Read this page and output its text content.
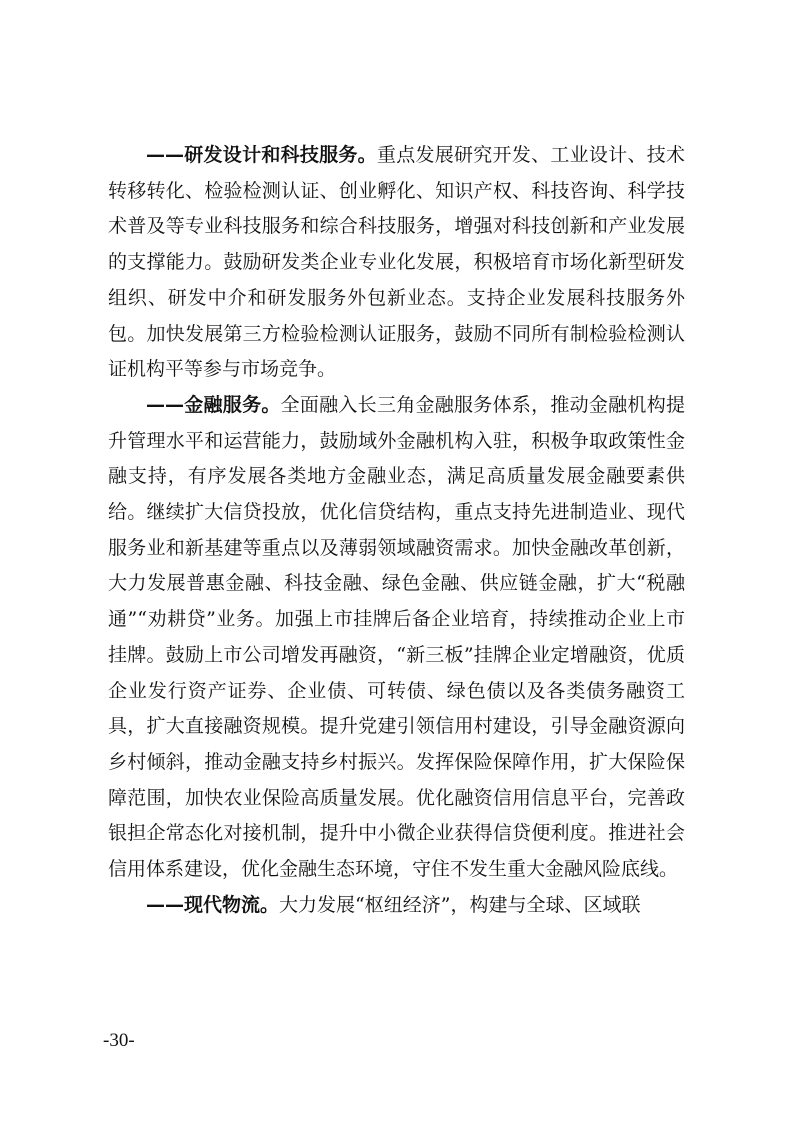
——研发设计和科技服务。重点发展研究开发、工业设计、技术转移转化、检验检测认证、创业孵化、知识产权、科技咨询、科学技术普及等专业科技服务和综合科技服务，增强对科技创新和产业发展的支撑能力。鼓励研发类企业专业化发展，积极培育市场化新型研发组织、研发中介和研发服务外包新业态。支持企业发展科技服务外包。加快发展第三方检验检测认证服务，鼓励不同所有制检验检测认证机构平等参与市场竞争。

——金融服务。全面融入长三角金融服务体系，推动金融机构提升管理水平和运营能力，鼓励域外金融机构入驻，积极争取政策性金融支持，有序发展各类地方金融业态，满足高质量发展金融要素供给。继续扩大信贷投放，优化信贷结构，重点支持先进制造业、现代服务业和新基建等重点以及薄弱领域融资需求。加快金融改革创新，大力发展普惠金融、科技金融、绿色金融、供应链金融，扩大“税融通”“劝耕贷”业务。加强上市挂牌后备企业培育，持续推动企业上市挂牌。鼓励上市公司增发再融资，“新三板”挂牌企业定增融资，优质企业发行资产证券、企业债、可转债、绿色债以及各类债务融资工具，扩大直接融资规模。提升党建引领信用村建设，引导金融资源向乡村倾斜，推动金融支持乡村振兴。发挥保险保障作用，扩大保险保障范围，加快农业保险高质量发展。优化融资信用信息平台，完善政银担企常态化对接机制，提升中小微企业获得信贷便利度。推进社会信用体系建设，优化金融生态环境，守住不发生重大金融风险底线。

——现代物流。大力发展“枢纽经济”，构建与全球、区域联

-30-
